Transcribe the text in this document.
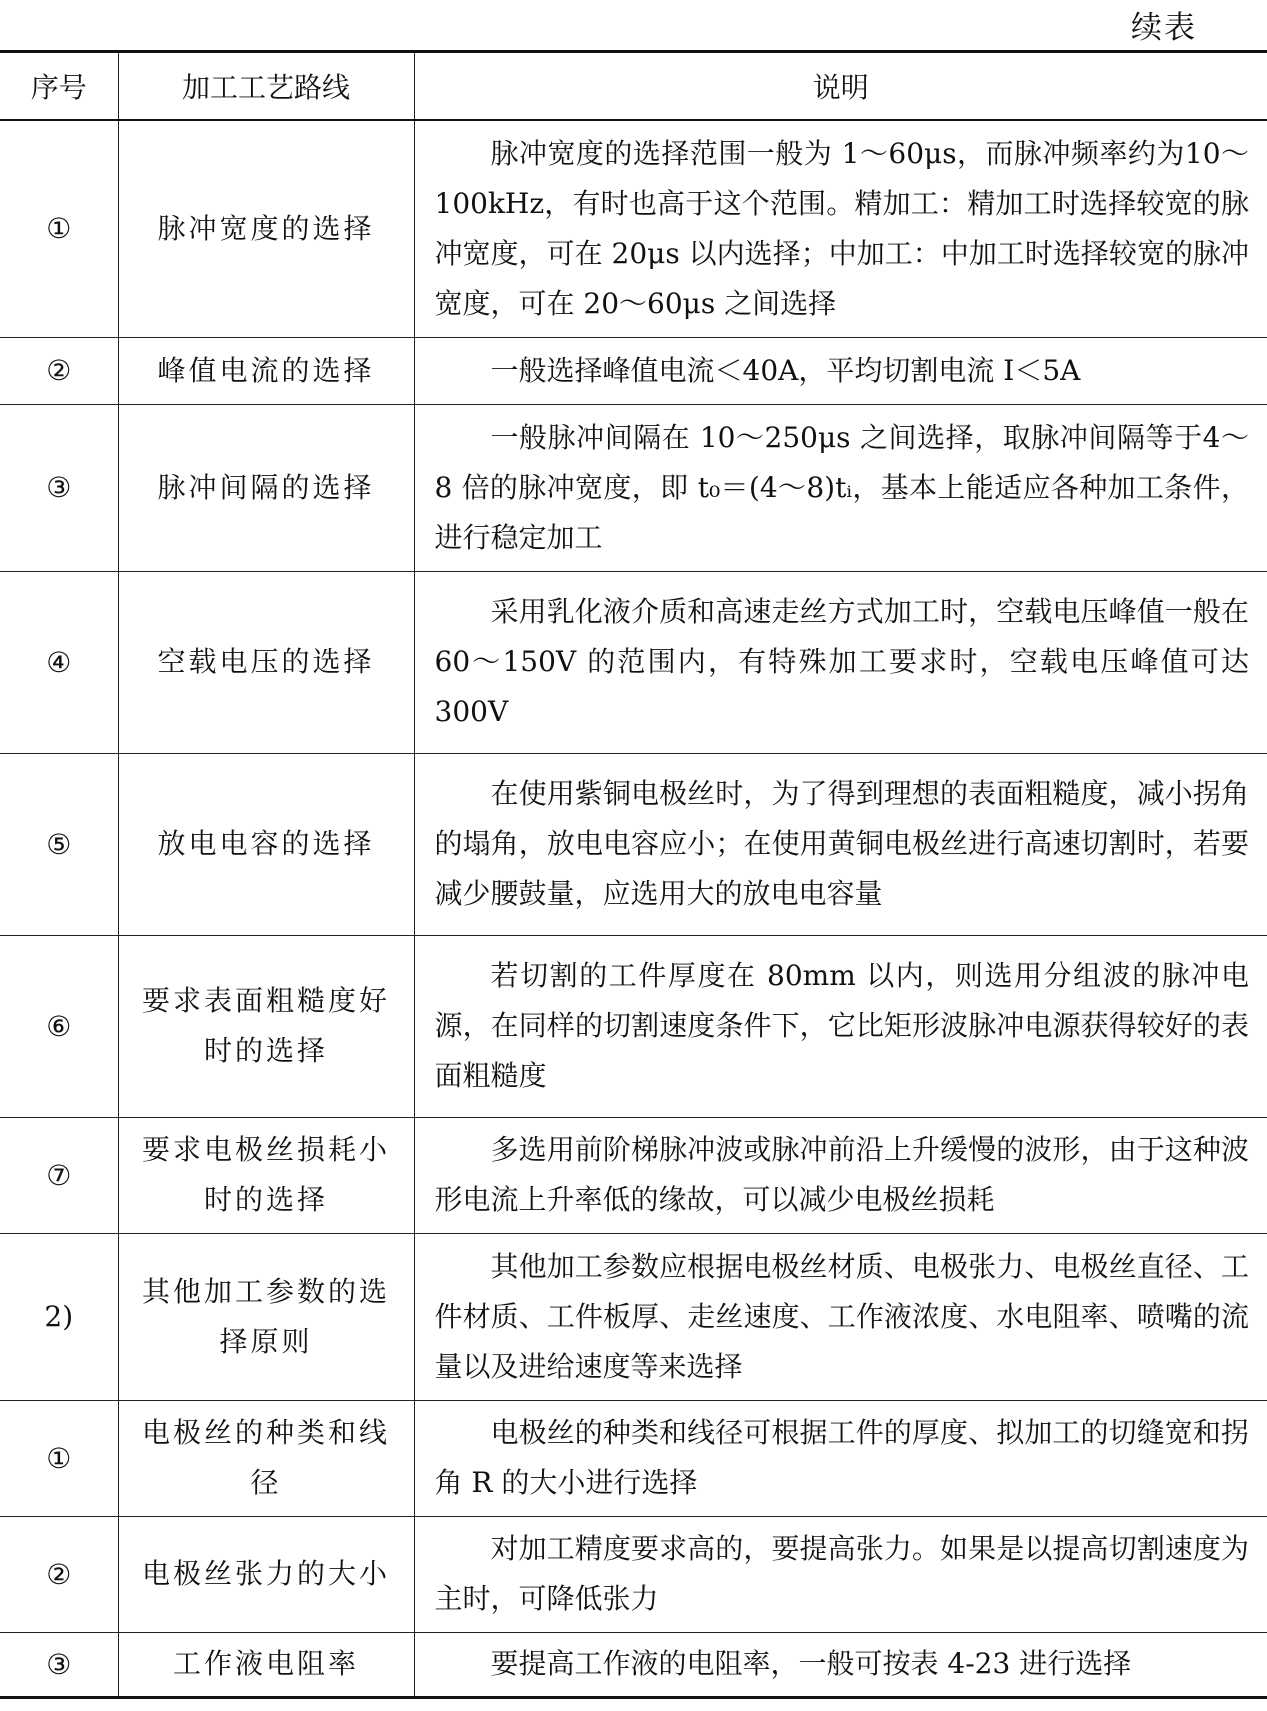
续表
序号	加工工艺路线	说明
①	脉冲宽度的选择	脉冲宽度的选择范围一般为 1～60μs，而脉冲频率约为10～100kHz，有时也高于这个范围。精加工：精加工时选择较宽的脉冲宽度，可在 20μs 以内选择；中加工：中加工时选择较宽的脉冲宽度，可在 20～60μs 之间选择
②	峰值电流的选择	一般选择峰值电流＜40A，平均切割电流 I＜5A
③	脉冲间隔的选择	一般脉冲间隔在 10～250μs 之间选择，取脉冲间隔等于4～8 倍的脉冲宽度，即 t₀＝(4～8)tᵢ，基本上能适应各种加工条件，进行稳定加工
④	空载电压的选择	采用乳化液介质和高速走丝方式加工时，空载电压峰值一般在 60～150V 的范围内，有特殊加工要求时，空载电压峰值可达 300V
⑤	放电电容的选择	在使用紫铜电极丝时，为了得到理想的表面粗糙度，减小拐角的塌角，放电电容应小；在使用黄铜电极丝进行高速切割时，若要减少腰鼓量，应选用大的放电电容量
⑥	要求表面粗糙度好时的选择	若切割的工件厚度在 80mm 以内，则选用分组波的脉冲电源，在同样的切割速度条件下，它比矩形波脉冲电源获得较好的表面粗糙度
⑦	要求电极丝损耗小时的选择	多选用前阶梯脉冲波或脉冲前沿上升缓慢的波形，由于这种波形电流上升率低的缘故，可以减少电极丝损耗
2)	其他加工参数的选择原则	其他加工参数应根据电极丝材质、电极张力、电极丝直径、工件材质、工件板厚、走丝速度、工作液浓度、水电阻率、喷嘴的流量以及进给速度等来选择
①	电极丝的种类和线径	电极丝的种类和线径可根据工件的厚度、拟加工的切缝宽和拐角 R 的大小进行选择
②	电极丝张力的大小	对加工精度要求高的，要提高张力。如果是以提高切割速度为主时，可降低张力
③	工作液电阻率	要提高工作液的电阻率，一般可按表 4-23 进行选择
